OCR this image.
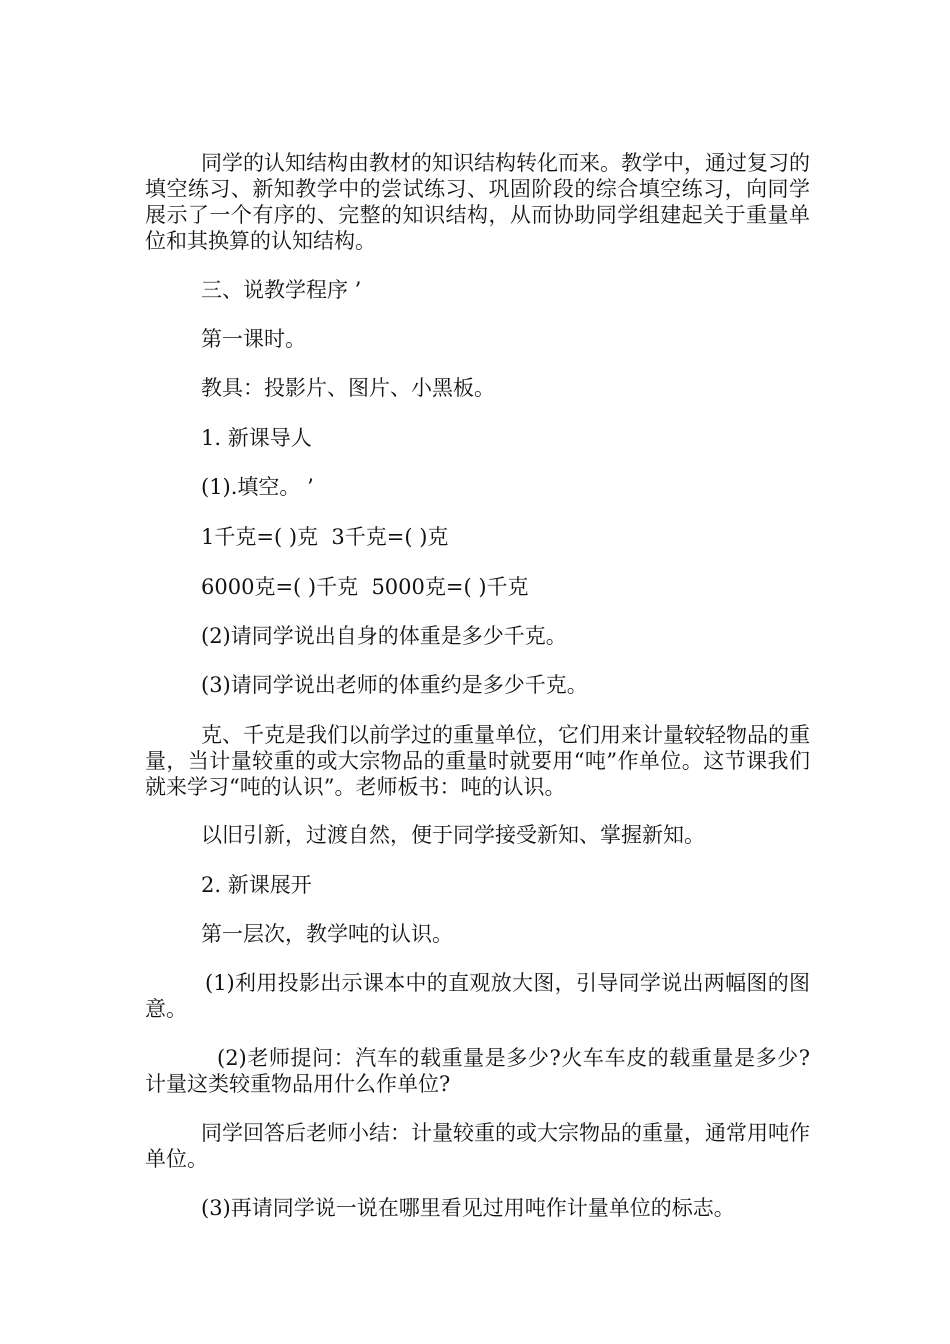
同学的认知结构由教材的知识结构转化而来。教学中，通过复习的填空练习、新知教学中的尝试练习、巩固阶段的综合填空练习，向同学展示了一个有序的、完整的知识结构，从而协助同学组建起关于重量单位和其换算的认知结构。

三、说教学程序 ’

第一课时。

教具：投影片、图片、小黑板。

1. 新课导人

(1).填空。 ’

1千克=( )克  3千克=( )克

6000克=( )千克  5000克=( )千克

(2)请同学说出自身的体重是多少千克。

(3)请同学说出老师的体重约是多少千克。

克、千克是我们以前学过的重量单位，它们用来计量较轻物品的重量，当计量较重的或大宗物品的重量时就要用“吨”作单位。这节课我们就来学习“吨的认识”。老师板书：吨的认识。

以旧引新，过渡自然，便于同学接受新知、掌握新知。

2. 新课展开

第一层次，教学吨的认识。

(1)利用投影出示课本中的直观放大图，引导同学说出两幅图的图意。

(2)老师提问：汽车的载重量是多少?火车车皮的载重量是多少?计量这类较重物品用什么作单位?

同学回答后老师小结：计量较重的或大宗物品的重量，通常用吨作单位。

(3)再请同学说一说在哪里看见过用吨作计量单位的标志。
